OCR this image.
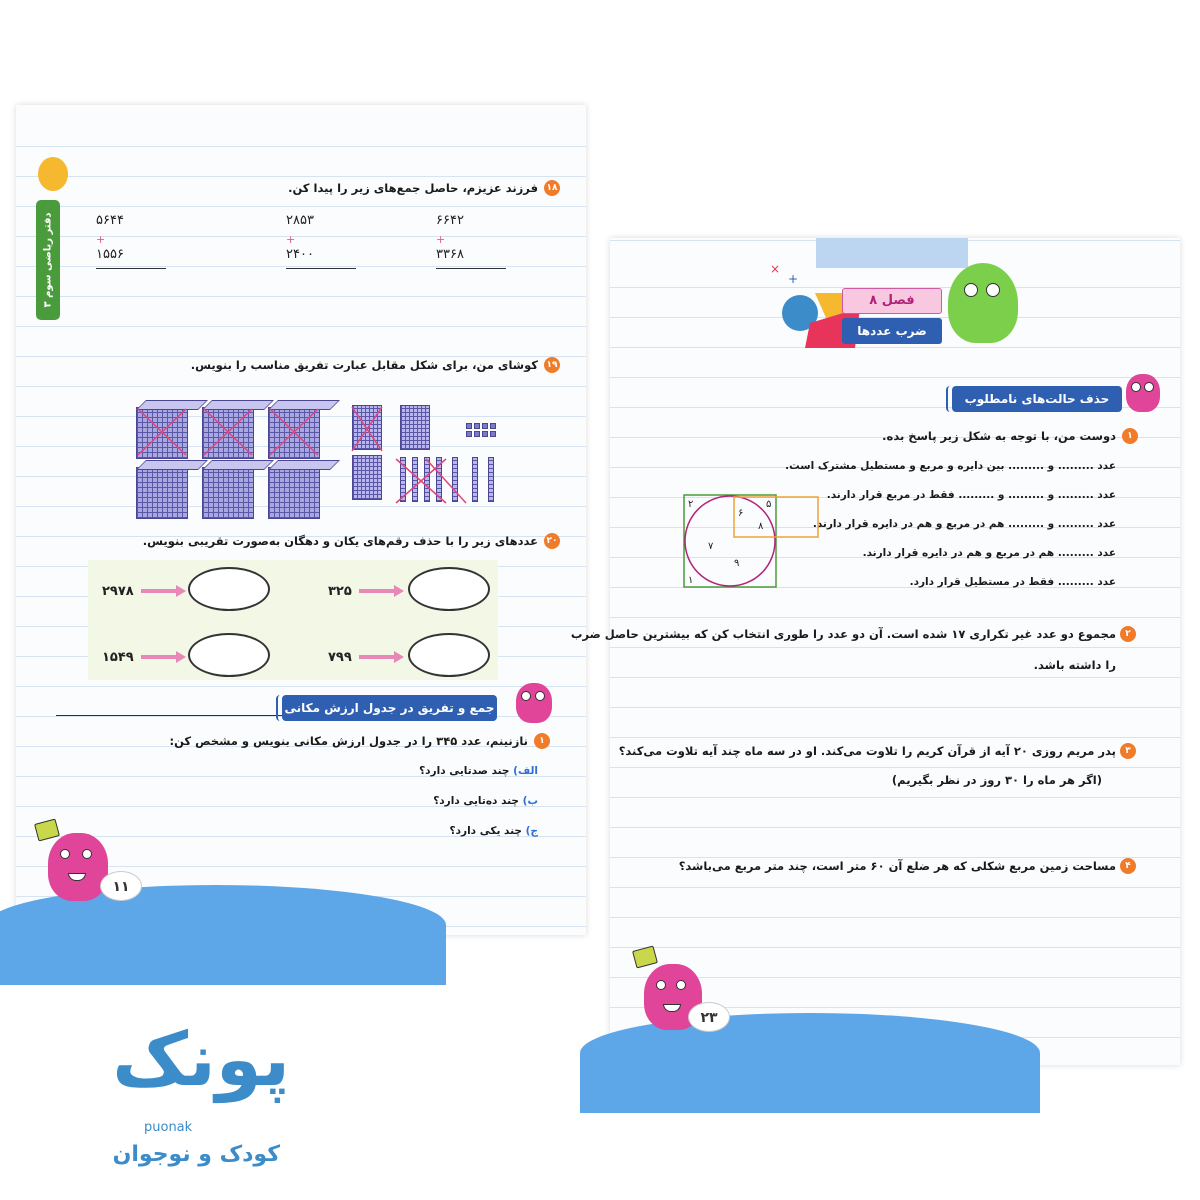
دفتر ریاضی سوم ۳
۱۸
فرزند عزیزم، حاصل جمع‌های زیر را پیدا کن.
۶۶۴۲
+
۳۳۶۸
۲۸۵۳
+
۲۴۰۰
۵۶۴۴
+
۱۵۵۶
۱۹
کوشای من، برای شکل مقابل عبارت تفریق مناسب را بنویس.
۲۰
عددهای زیر را با حذف رقم‌های یکان و دهگان به‌صورت تقریبی بنویس.
۲۹۷۸	۳۲۵
۱۵۴۹	۷۹۹
جمع و تفریق در جدول ارزش مکانی
۱
نازنینم، عدد ۳۴۵ را در جدول ارزش مکانی بنویس و مشخص کن:
الف) چند صدتایی دارد؟
ب) چند ده‌تایی دارد؟
ج) چند یکی دارد؟
۱۱
×
+
فصل ۸
ضرب عددها
حذف حالت‌های نامطلوب
۱
دوست من، با توجه به شکل زیر پاسخ بده.
عدد ......... و ......... بین دایره و مربع و مستطیل مشترک است.
عدد ......... و ......... و ......... فقط در مربع قرار دارند.
عدد ......... و ......... هم در مربع و هم در دایره قرار دارند.
عدد ......... هم در مربع و هم در دایره قرار دارند.
عدد ......... فقط در مستطیل قرار دارد.
۲	۵
۶
۸
۷
۹
۱
۲
مجموع دو عدد غیر تکراری ۱۷ شده است. آن دو عدد را طوری انتخاب کن که بیشترین حاصل ضرب
را داشته باشد.
۳
پدر مریم روزی ۲۰ آیه از قرآن کریم را تلاوت می‌کند. او در سه ماه چند آیه تلاوت می‌کند؟
(اگر هر ماه را ۳۰ روز در نظر بگیریم)
۴
مساحت زمین مربع شکلی که هر ضلع آن ۶۰ متر است، چند متر مربع می‌باشد؟
۲۳
پونک
puonak
کودک و نوجوان
